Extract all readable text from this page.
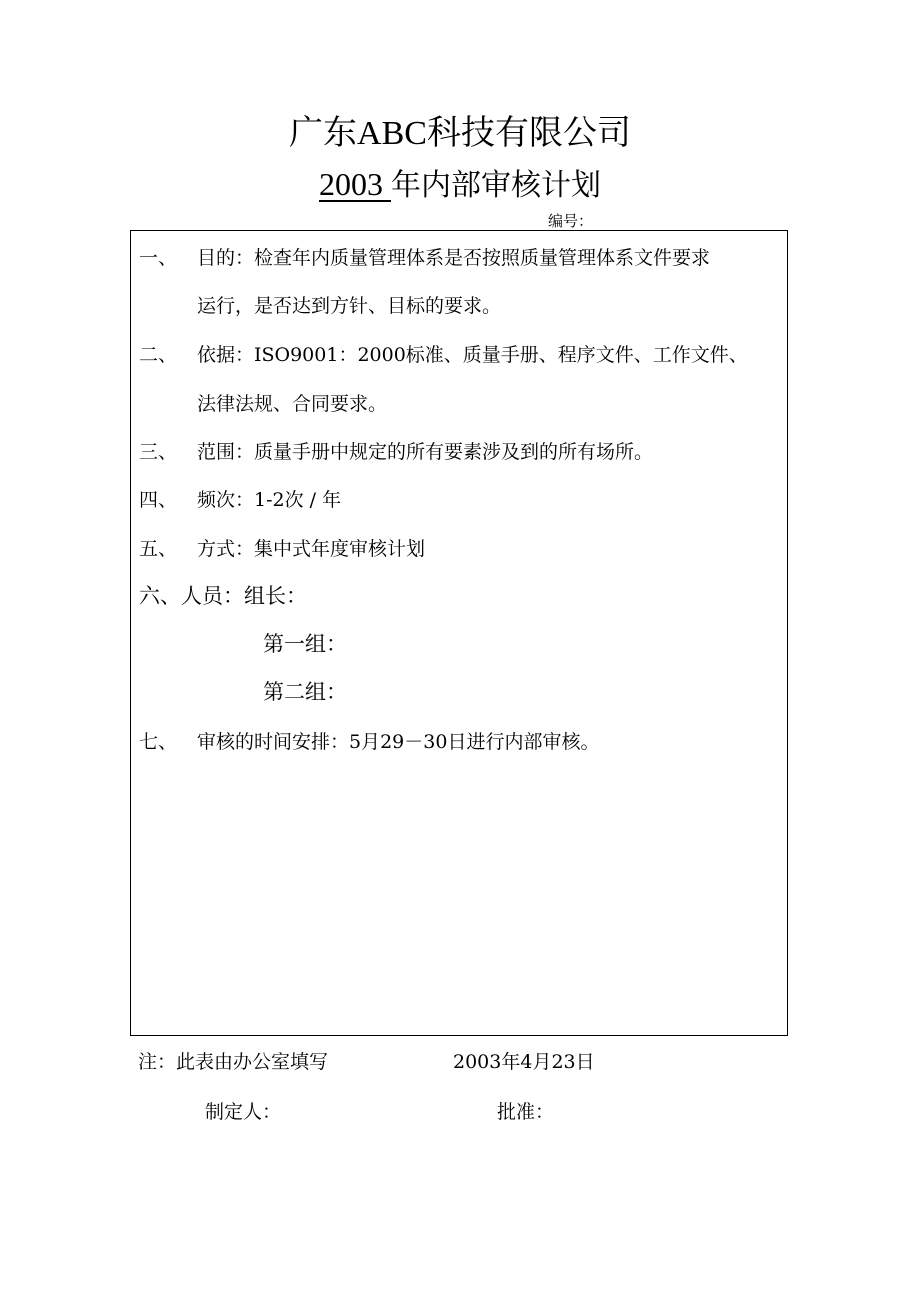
广东ABC科技有限公司
2003 年内部审核计划
编号：
一、 目的：检查年内质量管理体系是否按照质量管理体系文件要求
运行，是否达到方针、目标的要求。
二、 依据：ISO9001：2000标准、质量手册、程序文件、工作文件、
法律法规、合同要求。
三、 范围：质量手册中规定的所有要素涉及到的所有场所。
四、 频次：1-2次 / 年
五、 方式：集中式年度审核计划
六、人员：组长：
第一组：
第二组：
七、 审核的时间安排：5月29－30日进行内部审核。
注：此表由办公室填写	2003年4月23日
制定人：	批准：
